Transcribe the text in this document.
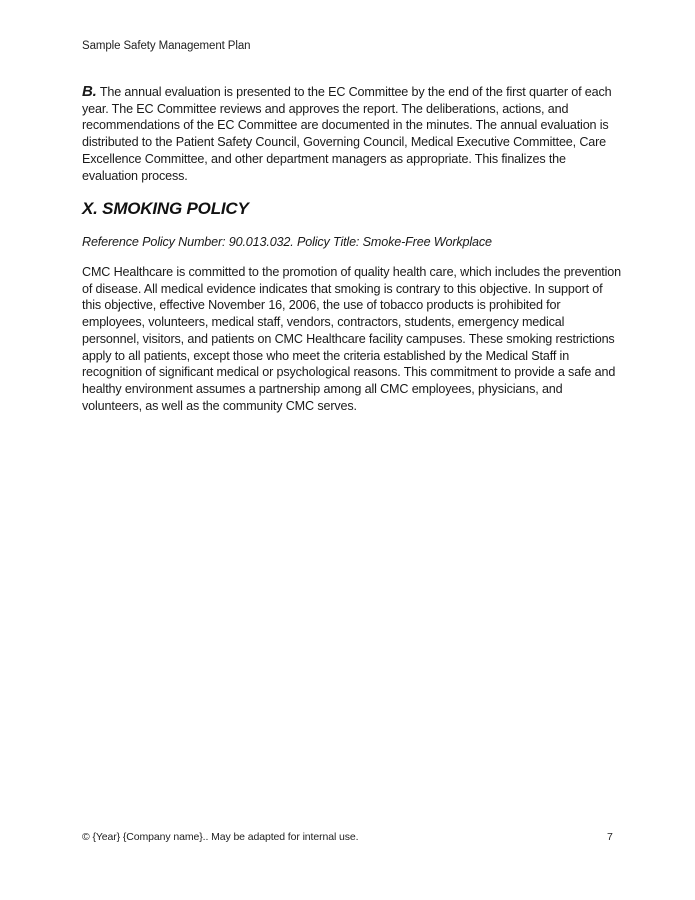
Sample Safety Management Plan

B. The annual evaluation is presented to the EC Committee by the end of the first quarter of each year. The EC Committee reviews and approves the report. The deliberations, actions, and recommendations of the EC Committee are documented in the minutes. The annual evaluation is distributed to the Patient Safety Council, Governing Council, Medical Executive Committee, Care Excellence Committee, and other department managers as appropriate. This finalizes the evaluation process.

X. SMOKING POLICY
Reference Policy Number: 90.013.032. Policy Title: Smoke-Free Workplace

CMC Healthcare is committed to the promotion of quality health care, which includes the prevention of disease. All medical evidence indicates that smoking is contrary to this objective. In support of this objective, effective November 16, 2006, the use of tobacco products is prohibited for employees, volunteers, medical staff, vendors, contractors, students, emergency medical personnel, visitors, and patients on CMC Healthcare facility campuses. These smoking restrictions apply to all patients, except those who meet the criteria established by the Medical Staff in recognition of significant medical or psychological reasons. This commitment to provide a safe and healthy environment assumes a partnership among all CMC employees, physicians, and volunteers, as well as the community CMC serves.

© {Year} {Company name}.. May be adapted for internal use.	7
